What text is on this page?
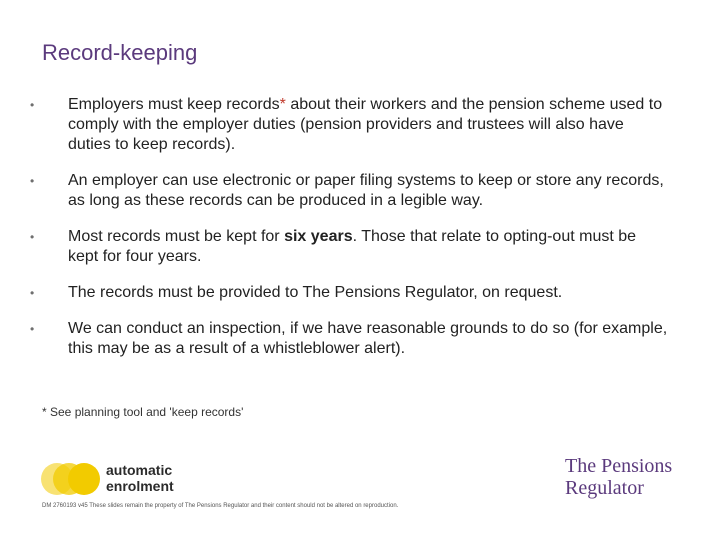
Record-keeping
• Employers must keep records* about their workers and the pension scheme used to comply with the employer duties (pension providers and trustees will also have duties to keep records).
• An employer can use electronic or paper filing systems to keep or store any records, as long as these records can be produced in a legible way.
• Most records must be kept for six years. Those that relate to opting-out must be kept for four years.
• The records must be provided to The Pensions Regulator, on request.
• We can conduct an inspection, if we have reasonable grounds to do so (for example, this may be as a result of a whistleblower alert).
* See planning tool and 'keep records'
automatic
enrolment
The Pensions
Regulator
DM 2760193 v45 These slides remain the property of The Pensions Regulator and their content should not be altered on reproduction.
